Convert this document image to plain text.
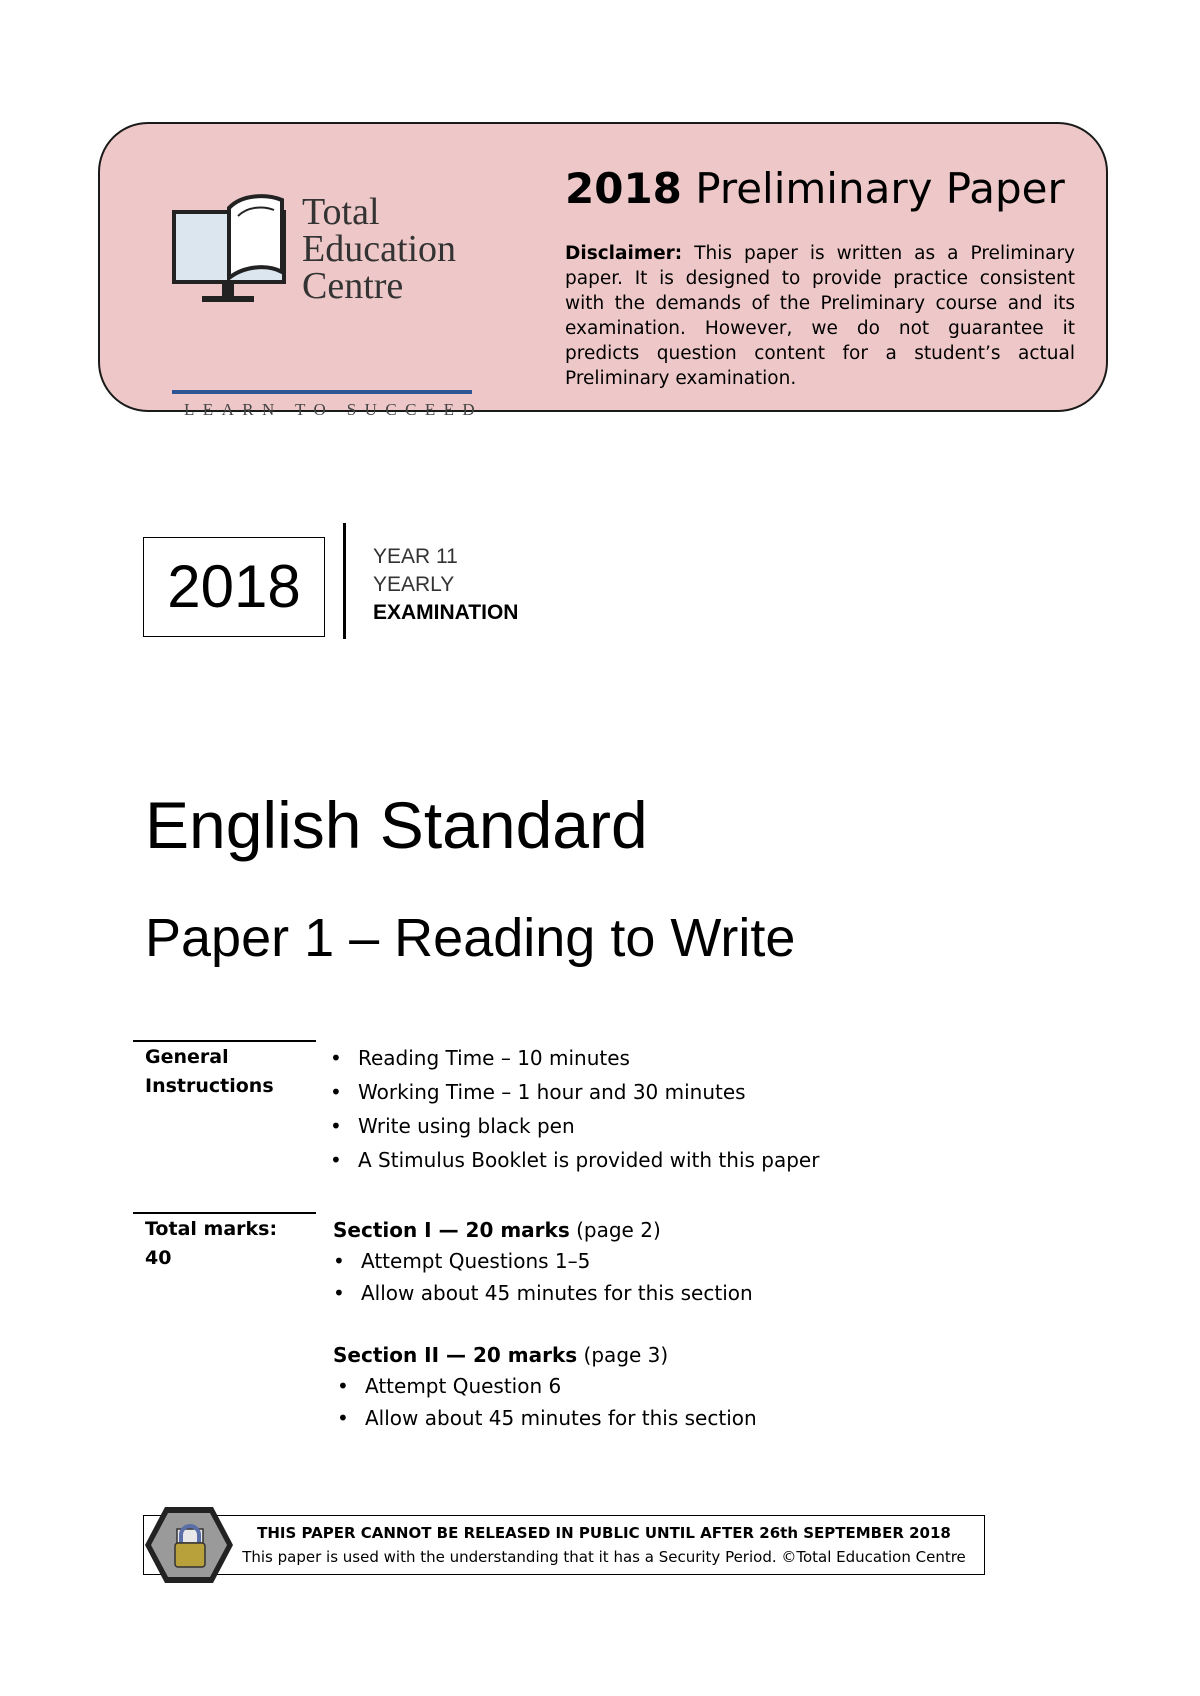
Total
Education
Centre
LEARN TO SUCCEED
2018 Preliminary Paper
Disclaimer: This paper is written as a Preliminary paper. It is designed to provide practice consistent with the demands of the Preliminary course and its examination. However, we do not guarantee it predicts question content for a student’s actual Preliminary examination.
2018	YEAR 11
YEARLY
EXAMINATION
English Standard
Paper 1 – Reading to Write
General
Instructions
• Reading Time – 10 minutes
• Working Time – 1 hour and 30 minutes
• Write using black pen
• A Stimulus Booklet is provided with this paper
Total marks:
40
Section I — 20 marks (page 2)
• Attempt Questions 1–5
• Allow about 45 minutes for this section
Section II — 20 marks (page 3)
• Attempt Question 6
• Allow about 45 minutes for this section
THIS PAPER CANNOT BE RELEASED IN PUBLIC UNTIL AFTER 26th SEPTEMBER 2018
This paper is used with the understanding that it has a Security Period. ©Total Education Centre
